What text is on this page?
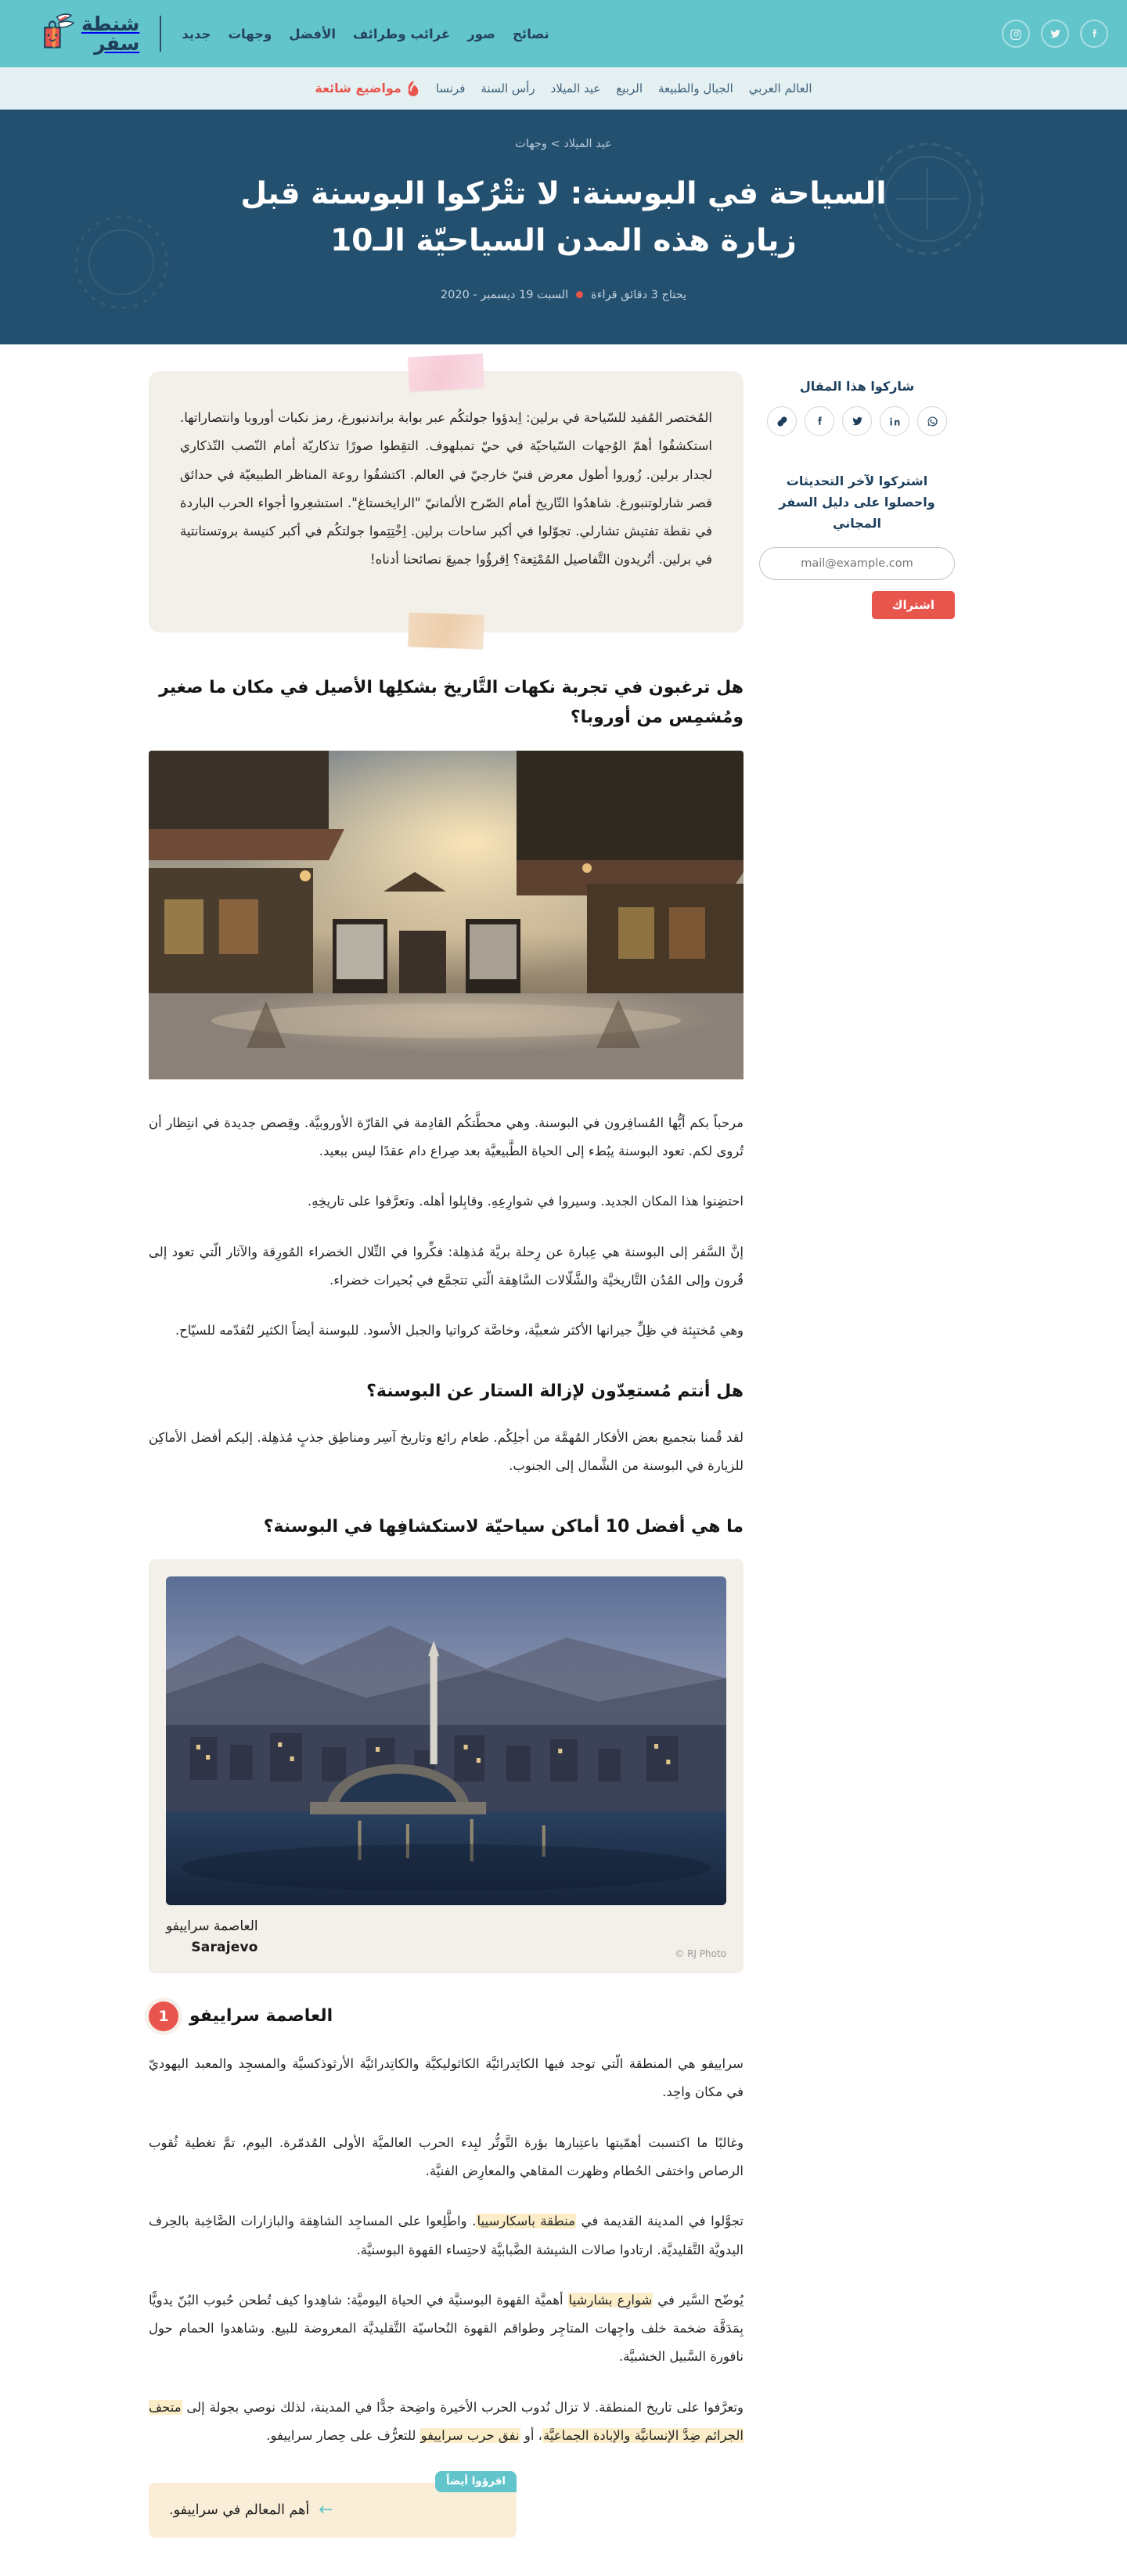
جديد وجهات الأفضل غرائب وطرائف صور نصائح
شنطة
سفر
مواضيع شائعة	فرنسا رأس السنة عيد الميلاد الربيع الجبال والطبيعة العالم العربي
عيد الميلاد > وجهات
السياحة في البوسنة: لا تتْرُكوا البوسنة قبل زيارة هذه المدن السياحيّة الـ10
السبت 19 ديسمبر - 2020 يحتاج 3 دقائق قراءة

المُختصر المُفيد للسّياحة في برلين: اِبدؤوا جولتكُم عبر بوابة براندنبورغ، رمز نكبات أوروبا وانتصاراتها. استكشفُوا أهمّ الوُجهات السّياحيّة في حيّ تمبلهوف. التقِطوا صورًا تذكاريّة أمام النّصب التّذكاري لجدار برلين. زُوروا أطول معرض فنيّ خارجيّ في العالم. اكتشفُوا روعة المناظر الطبيعيّة في حدائق قصر شارلوتنبورغ. شاهدُوا التّاريخ أمام الصّرح الألمانيّ "الرايخستاغ". استشعِروا أجواء الحرب الباردة في نقطة تفتيش تشارلي. تجوّلوا في أكبر ساحات برلين. اِخْتِتِموا جولتكُم في أكبر كنيسة بروتستانتية في برلين. أتُريدون التَّفاصيل المُمْتِعة؟ اِقرؤُوا جميعَ نصائحنا أدناه!

هل ترغبون في تجربة نكهات التَّاريخ بشكلِها الأصيل في مكان ما صغير ومُشمِس من أوروبا؟

مرحباً بكم أيُّها المُسافِرون في البوسنة. وهي محطَّتكُم القادِمة في القارّة الأوروبيَّة. وقِصص جديدة في انتِظار أن تُروى لكم. تعود البوسنة يبُطء إلى الحياة الطَّبيعيَّة بعد صِراع دام عقدًا ليس ببعيد.

احتضِنوا هذا المكان الجديد. وسيروا في شوارِعِهِ. وقابِلوا أهله. وتعرَّفوا على تاريخِهِ.

إنَّ السَّفر إلى البوسنة هي عِبارة عن رِحلة بريَّة مُذهِلة: فكِّروا في التِّلال الخضراء المُورِقة والآثار الّتي تعود إلى قُرون وإلى المُدُن التَّاريخيَّة والشَّلّالات السَّاهِقة الّتي تتجمَّع في بُحيرات خضراء.

وهي مُختبِئة في ظِلِّ جيرانها الأكثر شعبيَّة، وخاصَّة كرواتيا والجبل الأسود. للبوسنة أيضاً الكثير لتُقدّمه للسيّاح.

هل أنتم مُستعِدّون لإزالة الستار عن البوسنة؟

لقد قُمنا بتجميع بعض الأفكار المُهمَّة من أجلِكُم. طعام رائع وتاريخ آسِر ومناطِق جذبٍ مُذهِلة. إليكم أفضل الأماكِن للزيارة في البوسنة من الشَّمال إلى الجنوب.

ما هي أفضل 10 أماكن سياحيّة لاستكشافِها في البوسنة؟
العاصمة سراييفو
Sarajevo	© RJ Photo
1	العاصمة سراييفو

سراييفو هي المنطقة الّتي توجد فيها الكاتِدرائيَّة الكاثوليكيَّة والكاتِدرائيَّة الأرثوذكسيَّة والمسجِد والمعبد اليهوديّ في مكان واحِد.

وغالبًا ما اكتسبت أهمّيتها باعتِبارها بؤرة التَّوتُّر لبِدء الحرب العالميَّة الأولى المُدمّرة. اليوم، تمَّ تغطية ثُقوب الرصاص واختفى الحُطام وظهرت المقاهي والمعارِض الفنيَّة.

تجوَّلوا في المدينة القديمة في منطقة باسكارسييا. واطَّلِعوا على المساجِد الشاهِقة والبازارات الصَّاخِبة بالحِرف اليدويَّة التَّقليديَّة. ارتادوا صالات الشيشة الضَّبابيَّة لاحتِساء القهوة البوسنيَّة.

يُوضّح السَّير في شوارِع بشارشيا أهميَّة القهوة البوسنيَّة في الحياة اليوميَّة: شاهِدوا كيف تُطحن حُبوب البُنّ يدويًّا بِمَدَقَّة ضخمة خلف واجِهات المتاجِر وطواقم القهوة النُحاسيّة التَّقليديَّة المعروضة للبيع. وشاهدوا الحمام حول نافورة السَّبيل الخشبيَّة.

وتعرَّفوا على تاريخ المنطقة. لا تزال نُدوب الحرب الأخيرة واضِحة جدًّا في المدينة، لذلك نوصي بجولة إلى متحف الجرائم ضِدَّ الإنسانيَّة والإبادة الجماعيَّة، أو نفق حرب سراييفو للتعرُّف على حِصار سراييفو.

اقرؤوا أيضاً
أهم المعالم في سراييفو. ←
شاركوا هذا المقال
اشتركوا لآخر التحديثات واحصلوا على دليل السفر المجاني
mail@example.com
اشتراك
